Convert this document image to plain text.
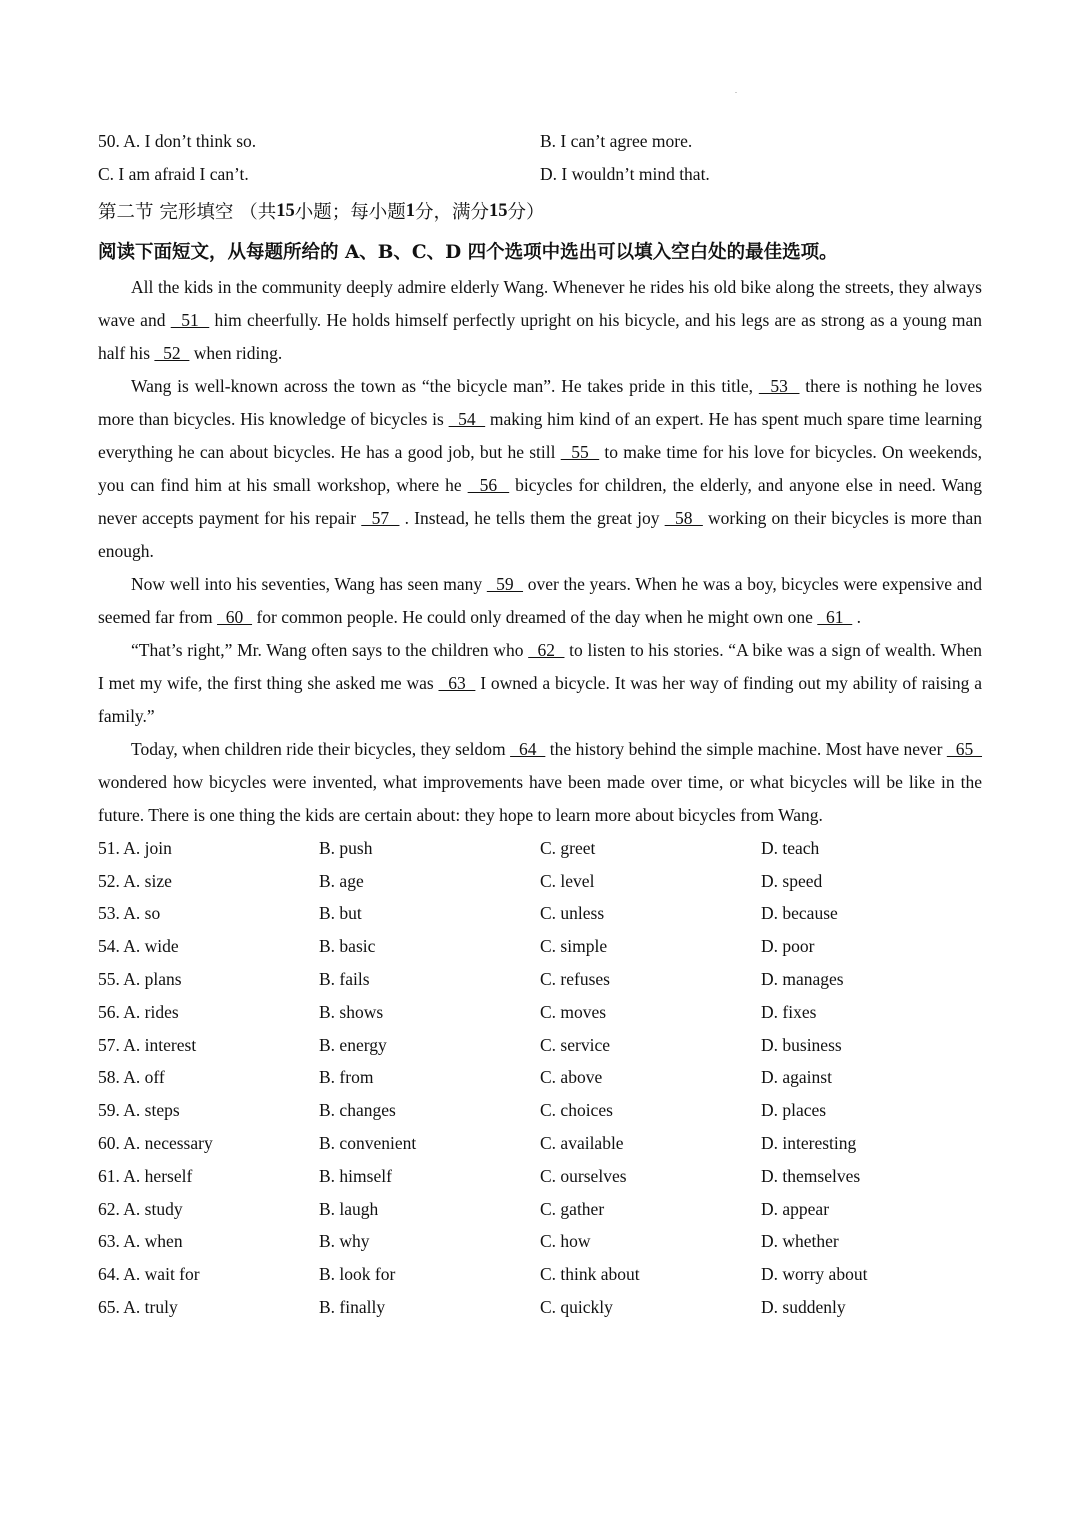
50. A. I don’t think so.	B. I can’t agree more.
C. I am afraid I can’t.	D. I wouldn’t mind that.
第二节 完形填空 （共 15 小题；每小题 1 分，满分 15 分）
阅读下面短文，从每题所给的 A、B、C、D 四个选项中选出可以填入空白处的最佳选项。

All the kids in the community deeply admire elderly Wang. Whenever he rides his old bike along the streets, they always wave and   51   him cheerfully. He holds himself perfectly upright on his bicycle, and his legs are as strong as a young man half his   52   when riding.

Wang is well-known across the town as “the bicycle man”. He takes pride in this title,   53   there is nothing he loves more than bicycles. His knowledge of bicycles is   54   making him kind of an expert. He has spent much spare time learning everything he can about bicycles. He has a good job, but he still   55   to make time for his love for bicycles. On weekends, you can find him at his small workshop, where he   56   bicycles for children, the elderly, and anyone else in need. Wang never accepts payment for his repair   57   . Instead, he tells them the great joy   58   working on their bicycles is more than enough.

Now well into his seventies, Wang has seen many   59   over the years. When he was a boy, bicycles were expensive and seemed far from   60   for common people. He could only dreamed of the day when he might own one   61   .

“That’s right,” Mr. Wang often says to the children who   62   to listen to his stories. “A bike was a sign of wealth. When I met my wife, the first thing she asked me was   63   I owned a bicycle. It was her way of finding out my ability of raising a family.”

Today, when children ride their bicycles, they seldom   64   the history behind the simple machine. Most have never   65   wondered how bicycles were invented, what improvements have been made over time, or what bicycles will be like in the future. There is one thing the kids are certain about: they hope to learn more about bicycles from Wang.

51. A. join	B. push	C. greet	D. teach
52. A. size	B. age	C. level	D. speed
53. A. so	B. but	C. unless	D. because
54. A. wide	B. basic	C. simple	D. poor
55. A. plans	B. fails	C. refuses	D. manages
56. A. rides	B. shows	C. moves	D. fixes
57. A. interest	B. energy	C. service	D. business
58. A. off	B. from	C. above	D. against
59. A. steps	B. changes	C. choices	D. places
60. A. necessary	B. convenient	C. available	D. interesting
61. A. herself	B. himself	C. ourselves	D. themselves
62. A. study	B. laugh	C. gather	D. appear
63. A. when	B. why	C. how	D. whether
64. A. wait for	B. look for	C. think about	D. worry about
65. A. truly	B. finally	C. quickly	D. suddenly
